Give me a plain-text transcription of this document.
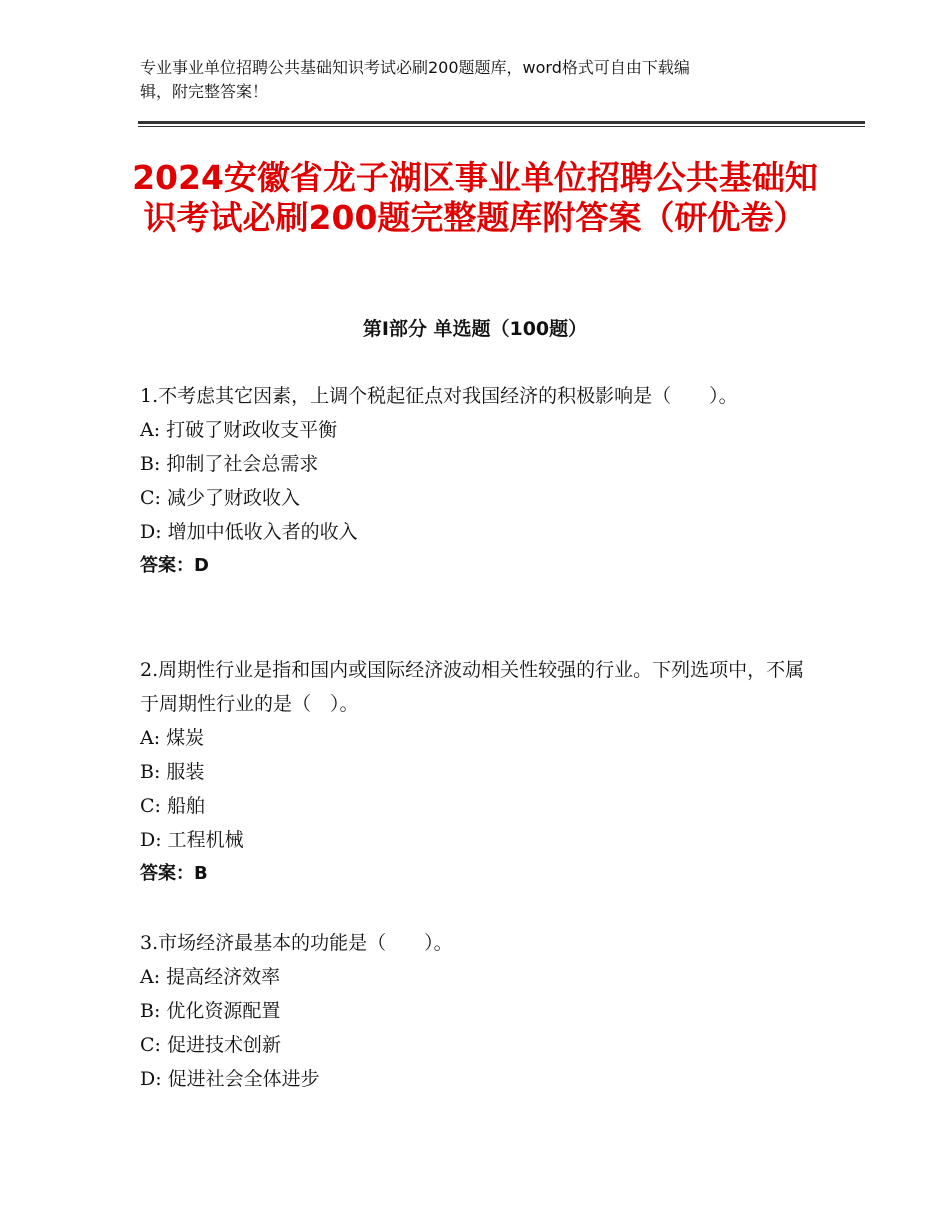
专业事业单位招聘公共基础知识考试必刷200题题库，word格式可自由下载编
辑，附完整答案！
2024安徽省龙子湖区事业单位招聘公共基础知识考试必刷200题完整题库附答案（研优卷）
第Ⅰ部分 单选题（100题）

1.不考虑其它因素，上调个税起征点对我国经济的积极影响是（　　）。

A: 打破了财政收支平衡

B: 抑制了社会总需求

C: 减少了财政收入

D: 增加中低收入者的收入

答案：D

2.周期性行业是指和国内或国际经济波动相关性较强的行业。下列选项中，不属于周期性行业的是（　）。

A: 煤炭

B: 服装

C: 船舶

D: 工程机械

答案：B

3.市场经济最基本的功能是（　　）。

A: 提高经济效率

B: 优化资源配置

C: 促进技术创新

D: 促进社会全体进步
